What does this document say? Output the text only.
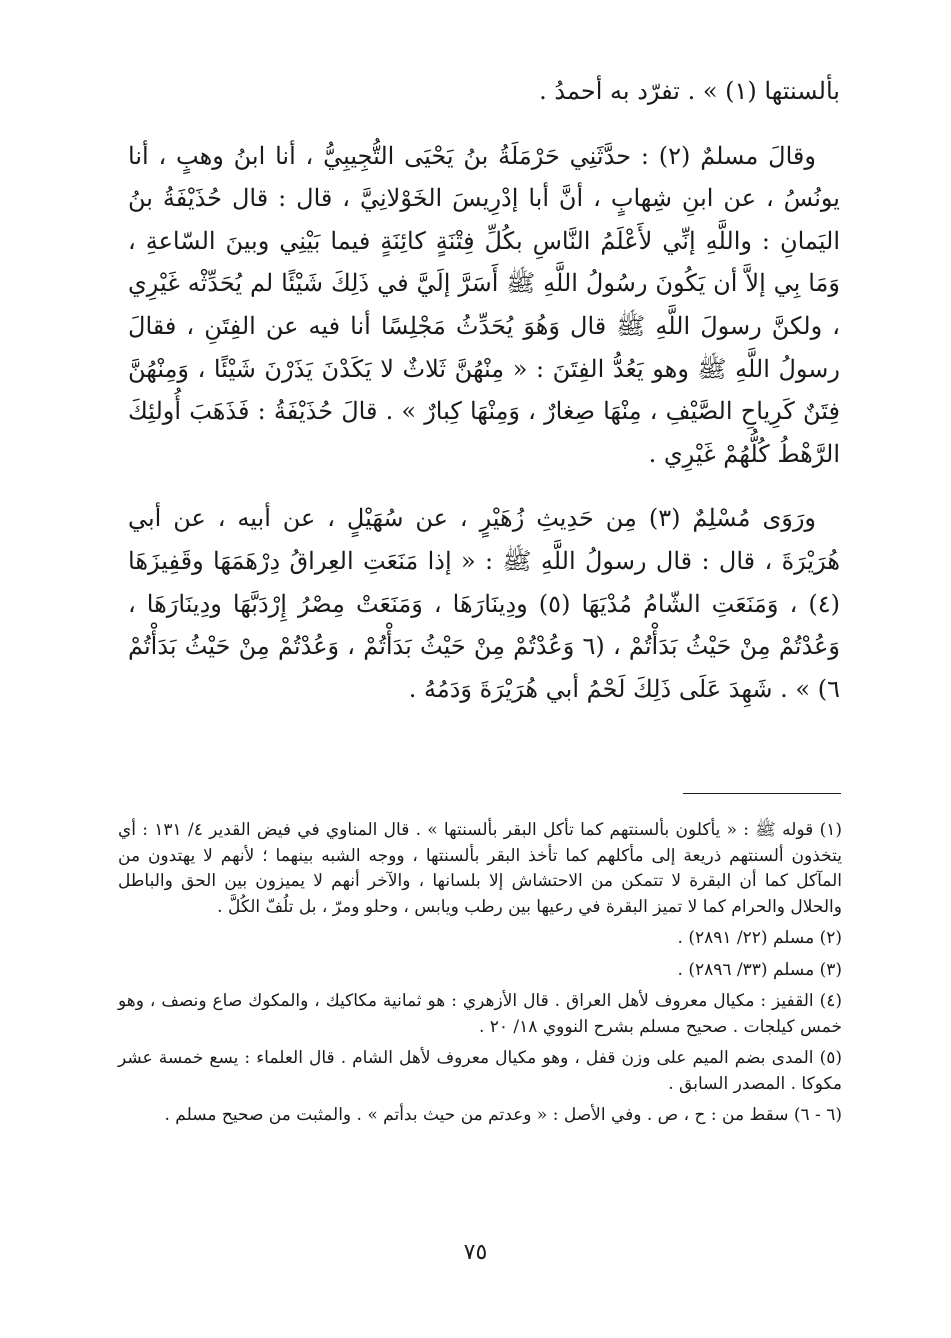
بألسنتها (١) » . تفرّد به أحمدُ .

وقالَ مسلمٌ (٢) : حدَّثَنِي حَرْمَلَةُ بنُ يَحْيَى التُّجِيبِيُّ ، أنا ابنُ وهبٍ ، أنا يونُسُ ، عن ابنِ شِهابٍ ، أنَّ أبا إدْرِيسَ الخَوْلانِيَّ ، قال : قال حُذَيْفَةُ بنُ اليَمانِ : واللَّهِ إنِّي لأَعْلَمُ النَّاسِ بكُلِّ فِتْنَةٍ كائِنَةٍ فيما بَيْنِي وبينَ السّاعةِ ، وَمَا بِي إلاَّ أن يَكُونَ رسُولُ اللَّهِ ﷺ أَسَرَّ إلَيَّ في ذَلِكَ شَيْئًا لم يُحَدِّثْه غَيْرِي ، ولكنَّ رسولَ اللَّهِ ﷺ قال وَهُوَ يُحَدِّثُ مَجْلِسًا أنا فيه عن الفِتَنِ ، فقالَ رسولُ اللَّهِ ﷺ وهو يَعُدُّ الفِتَنَ : « مِنْهُنَّ ثَلاثٌ لا يَكَدْنَ يَذَرْنَ شَيْئًا ، وَمِنْهُنَّ فِتَنٌ كَرِياحِ الصَّيْفِ ، مِنْهَا صِغارٌ ، وَمِنْهَا كِبارٌ » . قالَ حُذَيْفَةُ : فَذَهَبَ أُولئِكَ الرَّهْطُ كُلُّهُمْ غَيْرِي .

ورَوَى مُسْلِمٌ (٣) مِن حَدِيثِ زُهَيْرٍ ، عن سُهَيْلٍ ، عن أبيه ، عن أبي هُرَيْرَةَ ، قال : قال رسولُ اللَّهِ ﷺ : « إذا مَنَعَتِ العِراقُ دِرْهَمَهَا وقَفِيزَهَا (٤) ، وَمَنَعَتِ الشّامُ مُدْيَهَا (٥) ودِينَارَهَا ، وَمَنَعَتْ مِصْرُ إِرْدَبَّهَا ودِينَارَهَا ، وَعُدْتُمْ مِنْ حَيْثُ بَدَأْتُمْ ، (٦ وَعُدْتُمْ مِنْ حَيْثُ بَدَأْتُمْ ، وَعُدْتُمْ مِنْ حَيْثُ بَدَأْتُمْ ٦) » . شَهِدَ عَلَى ذَلِكَ لَحْمُ أبي هُرَيْرَةَ وَدَمُهُ .

(١) قوله ﷺ : « يأكلون بألسنتهم كما تأكل البقر بألسنتها » . قال المناوي في فيض القدير ٤/ ١٣١ : أي يتخذون ألسنتهم ذريعة إلى مأكلهم كما تأخذ البقر بألسنتها ، ووجه الشبه بينهما ؛ لأنهم لا يهتدون من المآكل كما أن البقرة لا تتمكن من الاحتشاش إلا بلسانها ، والآخر أنهم لا يميزون بين الحق والباطل والحلال والحرام كما لا تميز البقرة في رعيها بين رطب ويابس ، وحلو ومرّ ، بل تلُفّ الكُلَّ .

(٢) مسلم (٢٢/ ٢٨٩١) .

(٣) مسلم (٣٣/ ٢٨٩٦) .

(٤) القفيز : مكيال معروف لأهل العراق . قال الأزهري : هو ثمانية مكاكيك ، والمكوك صاع ونصف ، وهو خمس كيلجات . صحيح مسلم بشرح النووي ١٨/ ٢٠ .

(٥) المدى بضم الميم على وزن قفل ، وهو مكيال معروف لأهل الشام . قال العلماء : يسع خمسة عشر مكوكا . المصدر السابق .

(٦ - ٦) سقط من : ح ، ص . وفي الأصل : « وعدتم من حيث بدأتم » . والمثبت من صحيح مسلم .

٧٥
